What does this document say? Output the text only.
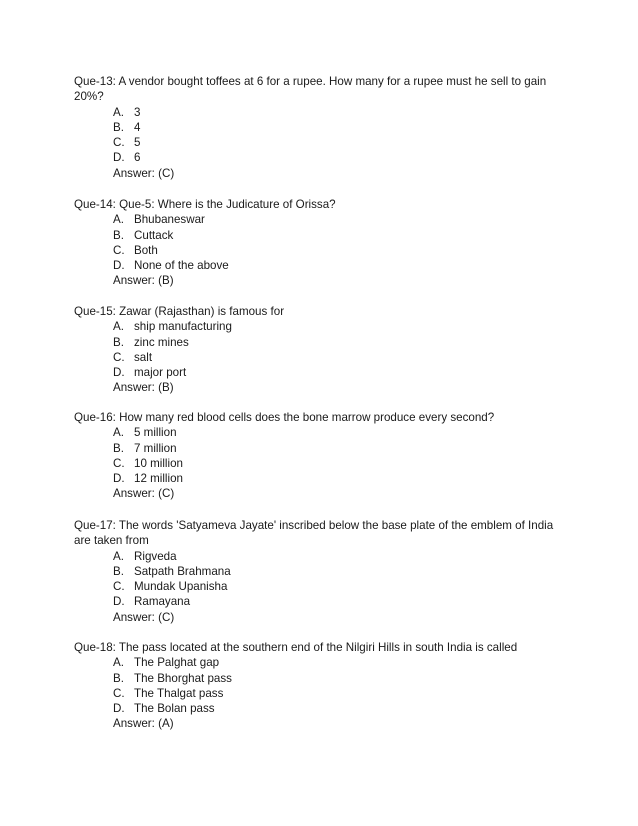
Que-13: A vendor bought toffees at 6 for a rupee. How many for a rupee must he sell to gain 20%?

A. 3
B. 4
C. 5
D. 6
Answer: (C)

Que-14: Que-5: Where is the Judicature of Orissa?

A. Bhubaneswar
B. Cuttack
C. Both
D. None of the above
Answer: (B)

Que-15: Zawar (Rajasthan) is famous for

A. ship manufacturing
B. zinc mines
C. salt
D. major port
Answer: (B)

Que-16: How many red blood cells does the bone marrow produce every second?

A. 5 million
B. 7 million
C. 10 million
D. 12 million
Answer: (C)

Que-17: The words 'Satyameva Jayate' inscribed below the base plate of the emblem of India are taken from

A. Rigveda
B. Satpath Brahmana
C. Mundak Upanisha
D. Ramayana
Answer: (C)

Que-18: The pass located at the southern end of the Nilgiri Hills in south India is called

A. The Palghat gap
B. The Bhorghat pass
C. The Thalgat pass
D. The Bolan pass
Answer: (A)
